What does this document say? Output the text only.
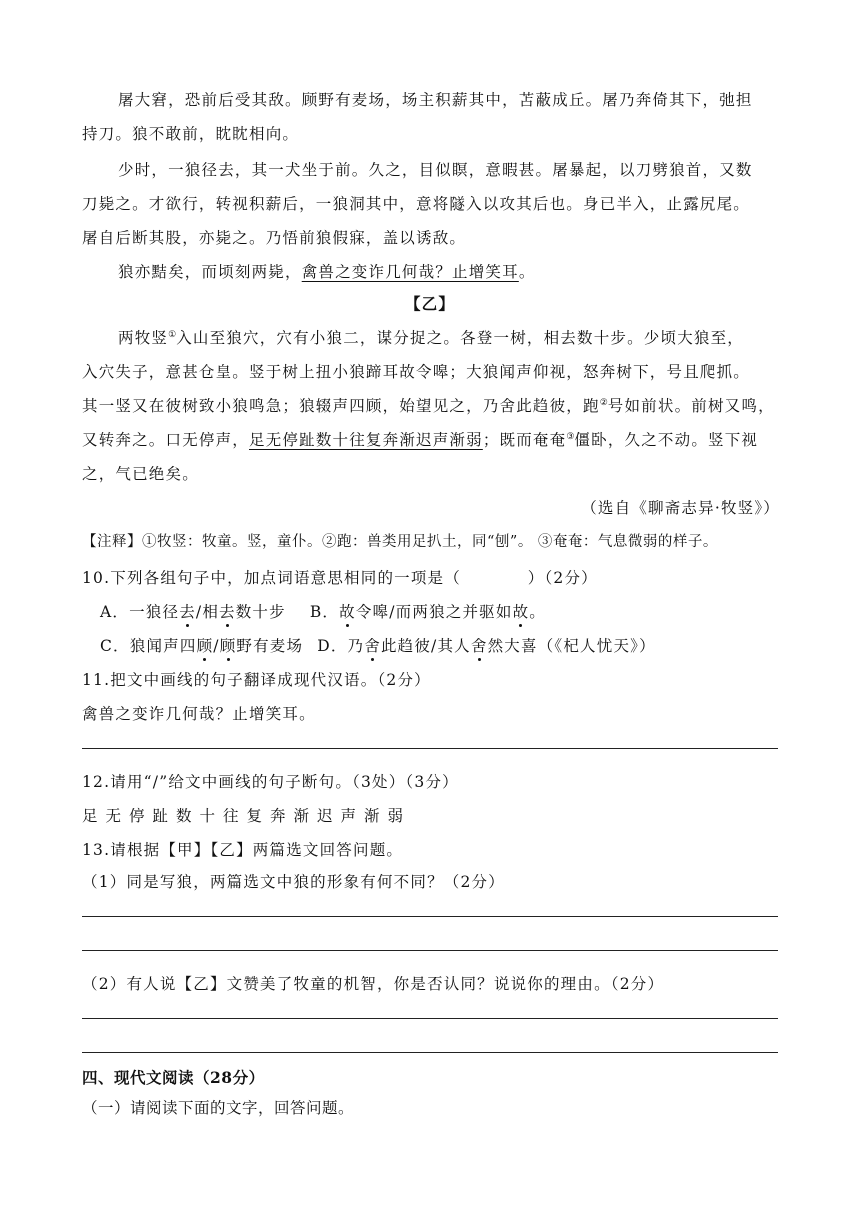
屠大窘，恐前后受其敌。顾野有麦场，场主积薪其中，苫蔽成丘。屠乃奔倚其下，弛担
持刀。狼不敢前，眈眈相向。
少时，一狼径去，其一犬坐于前。久之，目似瞑，意暇甚。屠暴起，以刀劈狼首，又数
刀毙之。才欲行，转视积薪后，一狼洞其中，意将隧入以攻其后也。身已半入，止露尻尾。
屠自后断其股，亦毙之。乃悟前狼假寐，盖以诱敌。
狼亦黠矣，而顷刻两毙，禽兽之变诈几何哉？止增笑耳。
【乙】
两牧竖①入山至狼穴，穴有小狼二，谋分捉之。各登一树，相去数十步。少顷大狼至，
入穴失子，意甚仓皇。竖于树上扭小狼蹄耳故令嗥；大狼闻声仰视，怒奔树下，号且爬抓。
其一竖又在彼树致小狼鸣急；狼辍声四顾，始望见之，乃舍此趋彼，跑②号如前状。前树又鸣，
又转奔之。口无停声，足无停趾数十往复奔渐迟声渐弱；既而奄奄③僵卧，久之不动。竖下视
之，气已绝矣。
（选自《聊斋志异·牧竖》）
【注释】①牧竖：牧童。竖，童仆。②跑：兽类用足扒土，同“刨”。 ③奄奄：气息微弱的样子。
10.下列各组句子中，加点词语意思相同的一项是（　　　　）（2分）
A．一狼径去/相去数十步 B．故令嗥/而两狼之并驱如故。
C．狼闻声四顾/顾野有麦场 D．乃舍此趋彼/其人舍然大喜（《杞人忧天》）
11.把文中画线的句子翻译成现代汉语。（2分）
禽兽之变诈几何哉？止增笑耳。
12.请用“/”给文中画线的句子断句。（3处）（3分）
足无停趾数十往复奔渐迟声渐弱
13.请根据【甲】【乙】两篇选文回答问题。
（1）同是写狼，两篇选文中狼的形象有何不同？（2分）
（2）有人说【乙】文赞美了牧童的机智，你是否认同？说说你的理由。（2分）
四、现代文阅读（28分）
（一）请阅读下面的文字，回答问题。
